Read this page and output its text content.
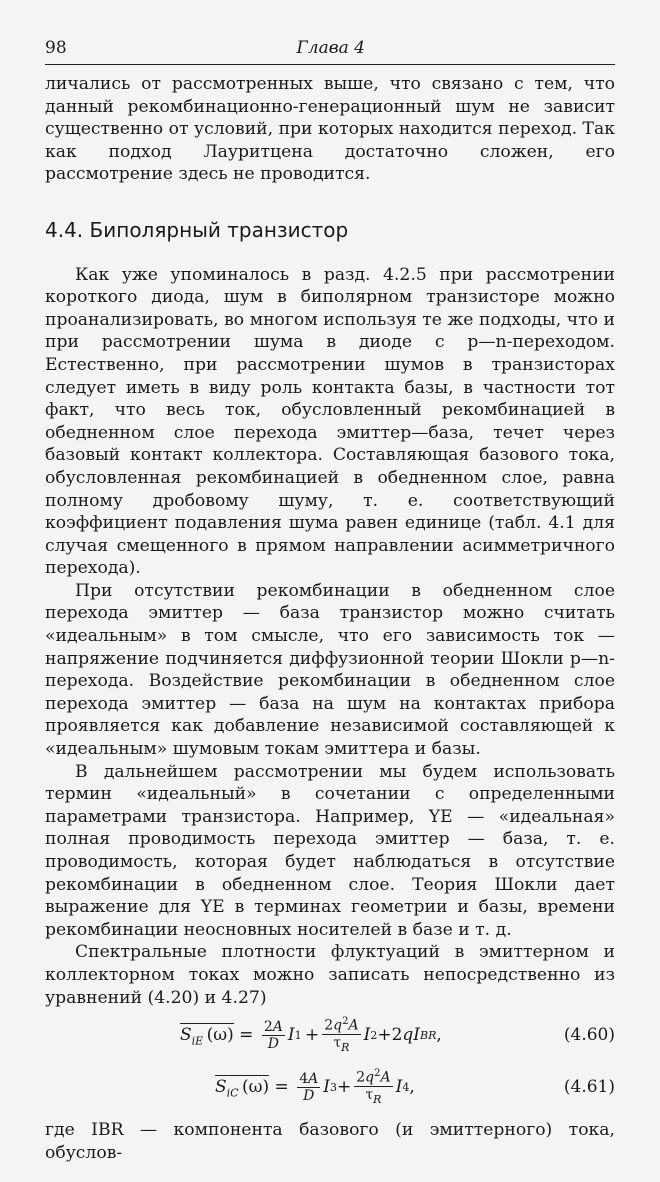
98	Глава 4

личались от рассмотренных выше, что связано с тем, что данный рекомбинационно-генерационный шум не зависит существенно от условий, при которых находится переход. Так как подход Лауритцена достаточно сложен, его рассмотрение здесь не проводится.

4.4. Биполярный транзистор

Как уже упоминалось в разд. 4.2.5 при рассмотрении короткого диода, шум в биполярном транзисторе можно проанализировать, во многом используя те же подходы, что и при рассмотрении шума в диоде с p—n-переходом. Естественно, при рассмотрении шумов в транзисторах следует иметь в виду роль контакта базы, в частности тот факт, что весь ток, обусловленный рекомбинацией в обедненном слое перехода эмиттер—база, течет через базовый контакт коллектора. Составляющая базового тока, обусловленная рекомбинацией в обедненном слое, равна полному дробовому шуму, т. е. соответствующий коэффициент подавления шума равен единице (табл. 4.1 для случая смещенного в прямом направлении асимметричного перехода).

При отсутствии рекомбинации в обедненном слое перехода эмиттер — база транзистор можно считать «идеальным» в том смысле, что его зависимость ток — напряжение подчиняется диффузионной теории Шокли p—n-перехода. Воздействие рекомбинации в обедненном слое перехода эмиттер — база на шум на контактах прибора проявляется как добавление независимой составляющей к «идеальным» шумовым токам эмиттера и базы.

В дальнейшем рассмотрении мы будем использовать термин «идеальный» в сочетании с определенными параметрами транзистора. Например, YE — «идеальная» полная проводимость перехода эмиттер — база, т. е. проводимость, которая будет наблюдаться в отсутствие рекомбинации в обедненном слое. Теория Шокли дает выражение для YE в терминах геометрии и базы, времени рекомбинации неосновных носителей в базе и т. д.

Спектральные плотности флуктуаций в эмиттерном и коллекторном токах можно записать непосредственно из уравнений (4.20) и 4.27)

$S_{iE}$  $(\omega) = \frac{2A}{D}$ I $1 + \frac{2q^2A}{\tau_R}$ I 2 +2 qI BR ,	(4.60)
$S_{iC}$  $(\omega) = \frac{4A}{D}$ I $3 + \frac{2q^2A}{\tau_R}$ I 4 ,	(4.61)

где IBR — компонента базового (и эмиттерного) тока, обуслов-
